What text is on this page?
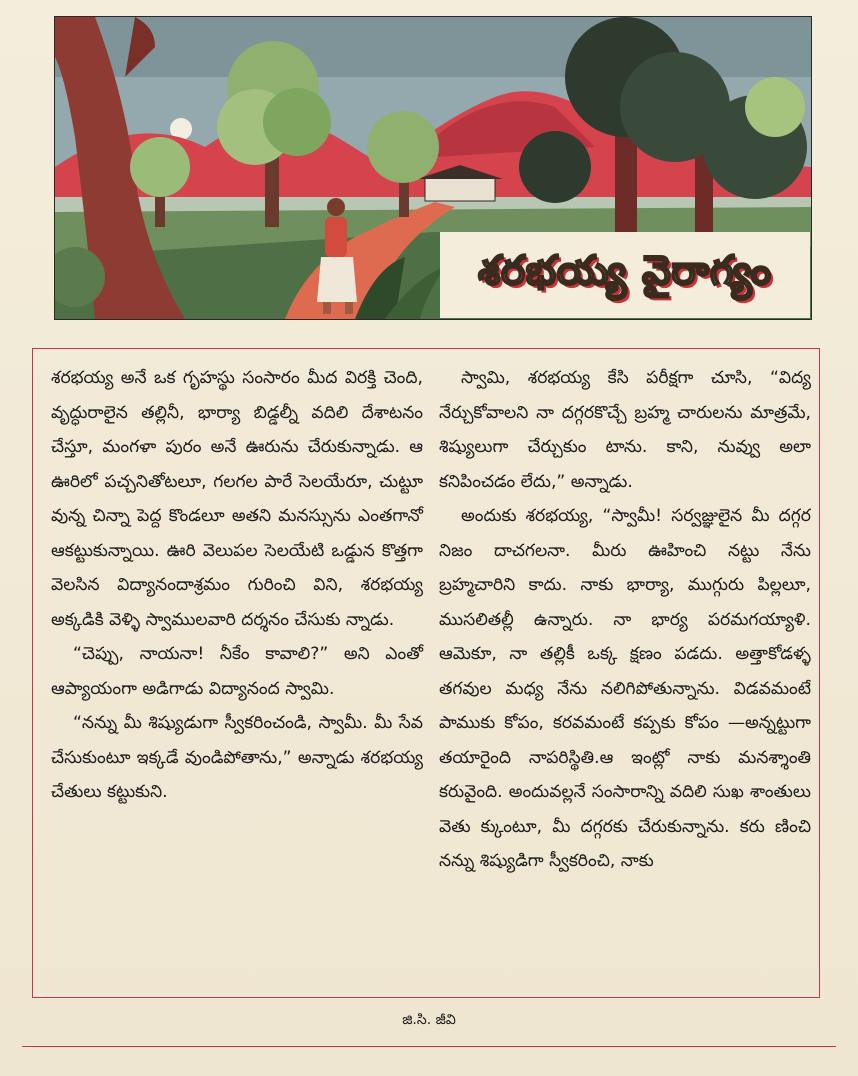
శరభయ్య వైరాగ్యం

శరభయ్య అనే ఒక గృహస్థు సంసారం మీద విరక్తి చెంది, వృద్ధురాలైన తల్లినీ, భార్యా బిడ్డల్నీ వదిలి దేశాటనం చేస్తూ, మంగళా పురం అనే ఊరును చేరుకున్నాడు. ఆ ఊరిలో పచ్చనితోటలూ, గలగల పారే సెలయేరూ, చుట్టూ వున్న చిన్నా పెద్ద కొండలూ అతని మనస్సును ఎంతగానో ఆకట్టుకున్నాయి. ఊరి వెలుపల సెలయేటి ఒడ్డున కొత్తగా వెలసిన విద్యానందాశ్రమం గురించి విని, శరభయ్య అక్కడికి వెళ్ళి స్వాములవారి దర్శనం చేసుకు న్నాడు.

“చెప్పు, నాయనా! నీకేం కావాలి?” అని ఎంతో ఆప్యాయంగా అడిగాడు విద్యానంద స్వామి.

“నన్ను మీ శిష్యుడుగా స్వీకరించండి, స్వామీ. మీ సేవ చేసుకుంటూ ఇక్కడే వుండిపోతాను,” అన్నాడు శరభయ్య చేతులు కట్టుకుని.

స్వామి, శరభయ్య కేసి పరీక్షగా చూసి, “విద్య నేర్చుకోవాలని నా దగ్గరకొచ్చే బ్రహ్మ చారులను మాత్రమే, శిష్యులుగా చేర్చుకుం టాను. కాని, నువ్వు అలా కనిపించడం లేదు,” అన్నాడు.

అందుకు శరభయ్య, “స్వామీ! సర్వజ్ఞులైన మీ దగ్గర నిజం దాచగలనా. మీరు ఊహించి నట్టు నేను బ్రహ్మచారిని కాదు. నాకు భార్యా, ముగ్గురు పిల్లలూ, ముసలితల్లీ ఉన్నారు. నా భార్య పరమగయ్యాళి. ఆమెకూ, నా తల్లికీ ఒక్క క్షణం పడదు. అత్తాకోడళ్ళ తగవుల మధ్య నేను నలిగిపోతున్నాను. విడవమంటే పాముకు కోపం, కరవమంటే కప్పకు కోపం —అన్నట్టుగా తయారైంది నాపరిస్థితి.ఆ ఇంట్లో నాకు మనశ్శాంతి కరువైంది. అందువల్లనే సంసారాన్ని వదిలి సుఖ శాంతులు వెతు క్కుంటూ, మీ దగ్గరకు చేరుకున్నాను. కరు ణించి నన్ను శిష్యుడిగా స్వీకరించి, నాకు

జి.సి. జీవి
